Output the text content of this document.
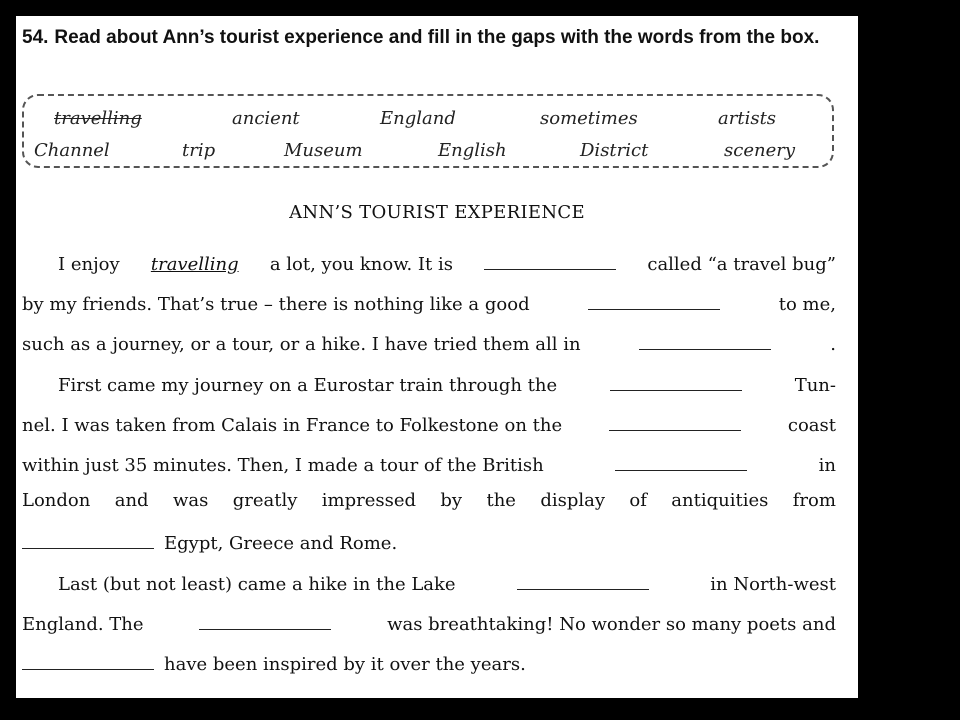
54. Read about Ann’s tourist experience and fill in the gaps with the words from the box.
travelling	ancient	England	sometimes	artists
Channel	trip	Museum	English	District	scenery
ANN’S TOURIST EXPERIENCE
I enjoy travelling a lot, you know. It is	called “a travel bug”
by my friends. That’s true – there is nothing like a good	to me,
such as a journey, or a tour, or a hike. I have tried them all in	.
First came my journey on a Eurostar train through the	Tun-
nel. I was taken from Calais in France to Folkestone on the	coast
within just 35 minutes. Then, I made a tour of the British	in
London and was greatly impressed by the display of antiquities from
Egypt, Greece and Rome.
Last (but not least) came a hike in the Lake	in North-west
England. The	was breathtaking! No wonder so many poets and
have been inspired by it over the years.
